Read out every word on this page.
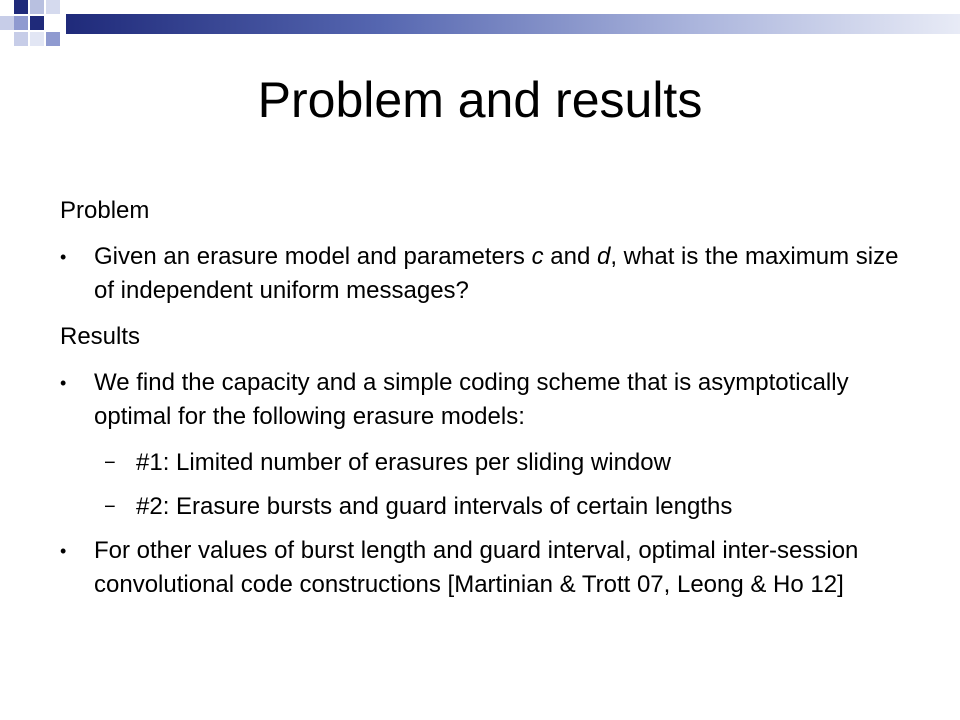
Problem and results

Problem

• Given an erasure model and parameters c and d, what is the maximum size of independent uniform messages?

Results

• We find the capacity and a simple coding scheme that is asymptotically optimal for the following erasure models:
− #1: Limited number of erasures per sliding window
− #2: Erasure bursts and guard intervals of certain lengths
• For other values of burst length and guard interval, optimal inter-session convolutional code constructions [Martinian & Trott 07, Leong & Ho 12]
